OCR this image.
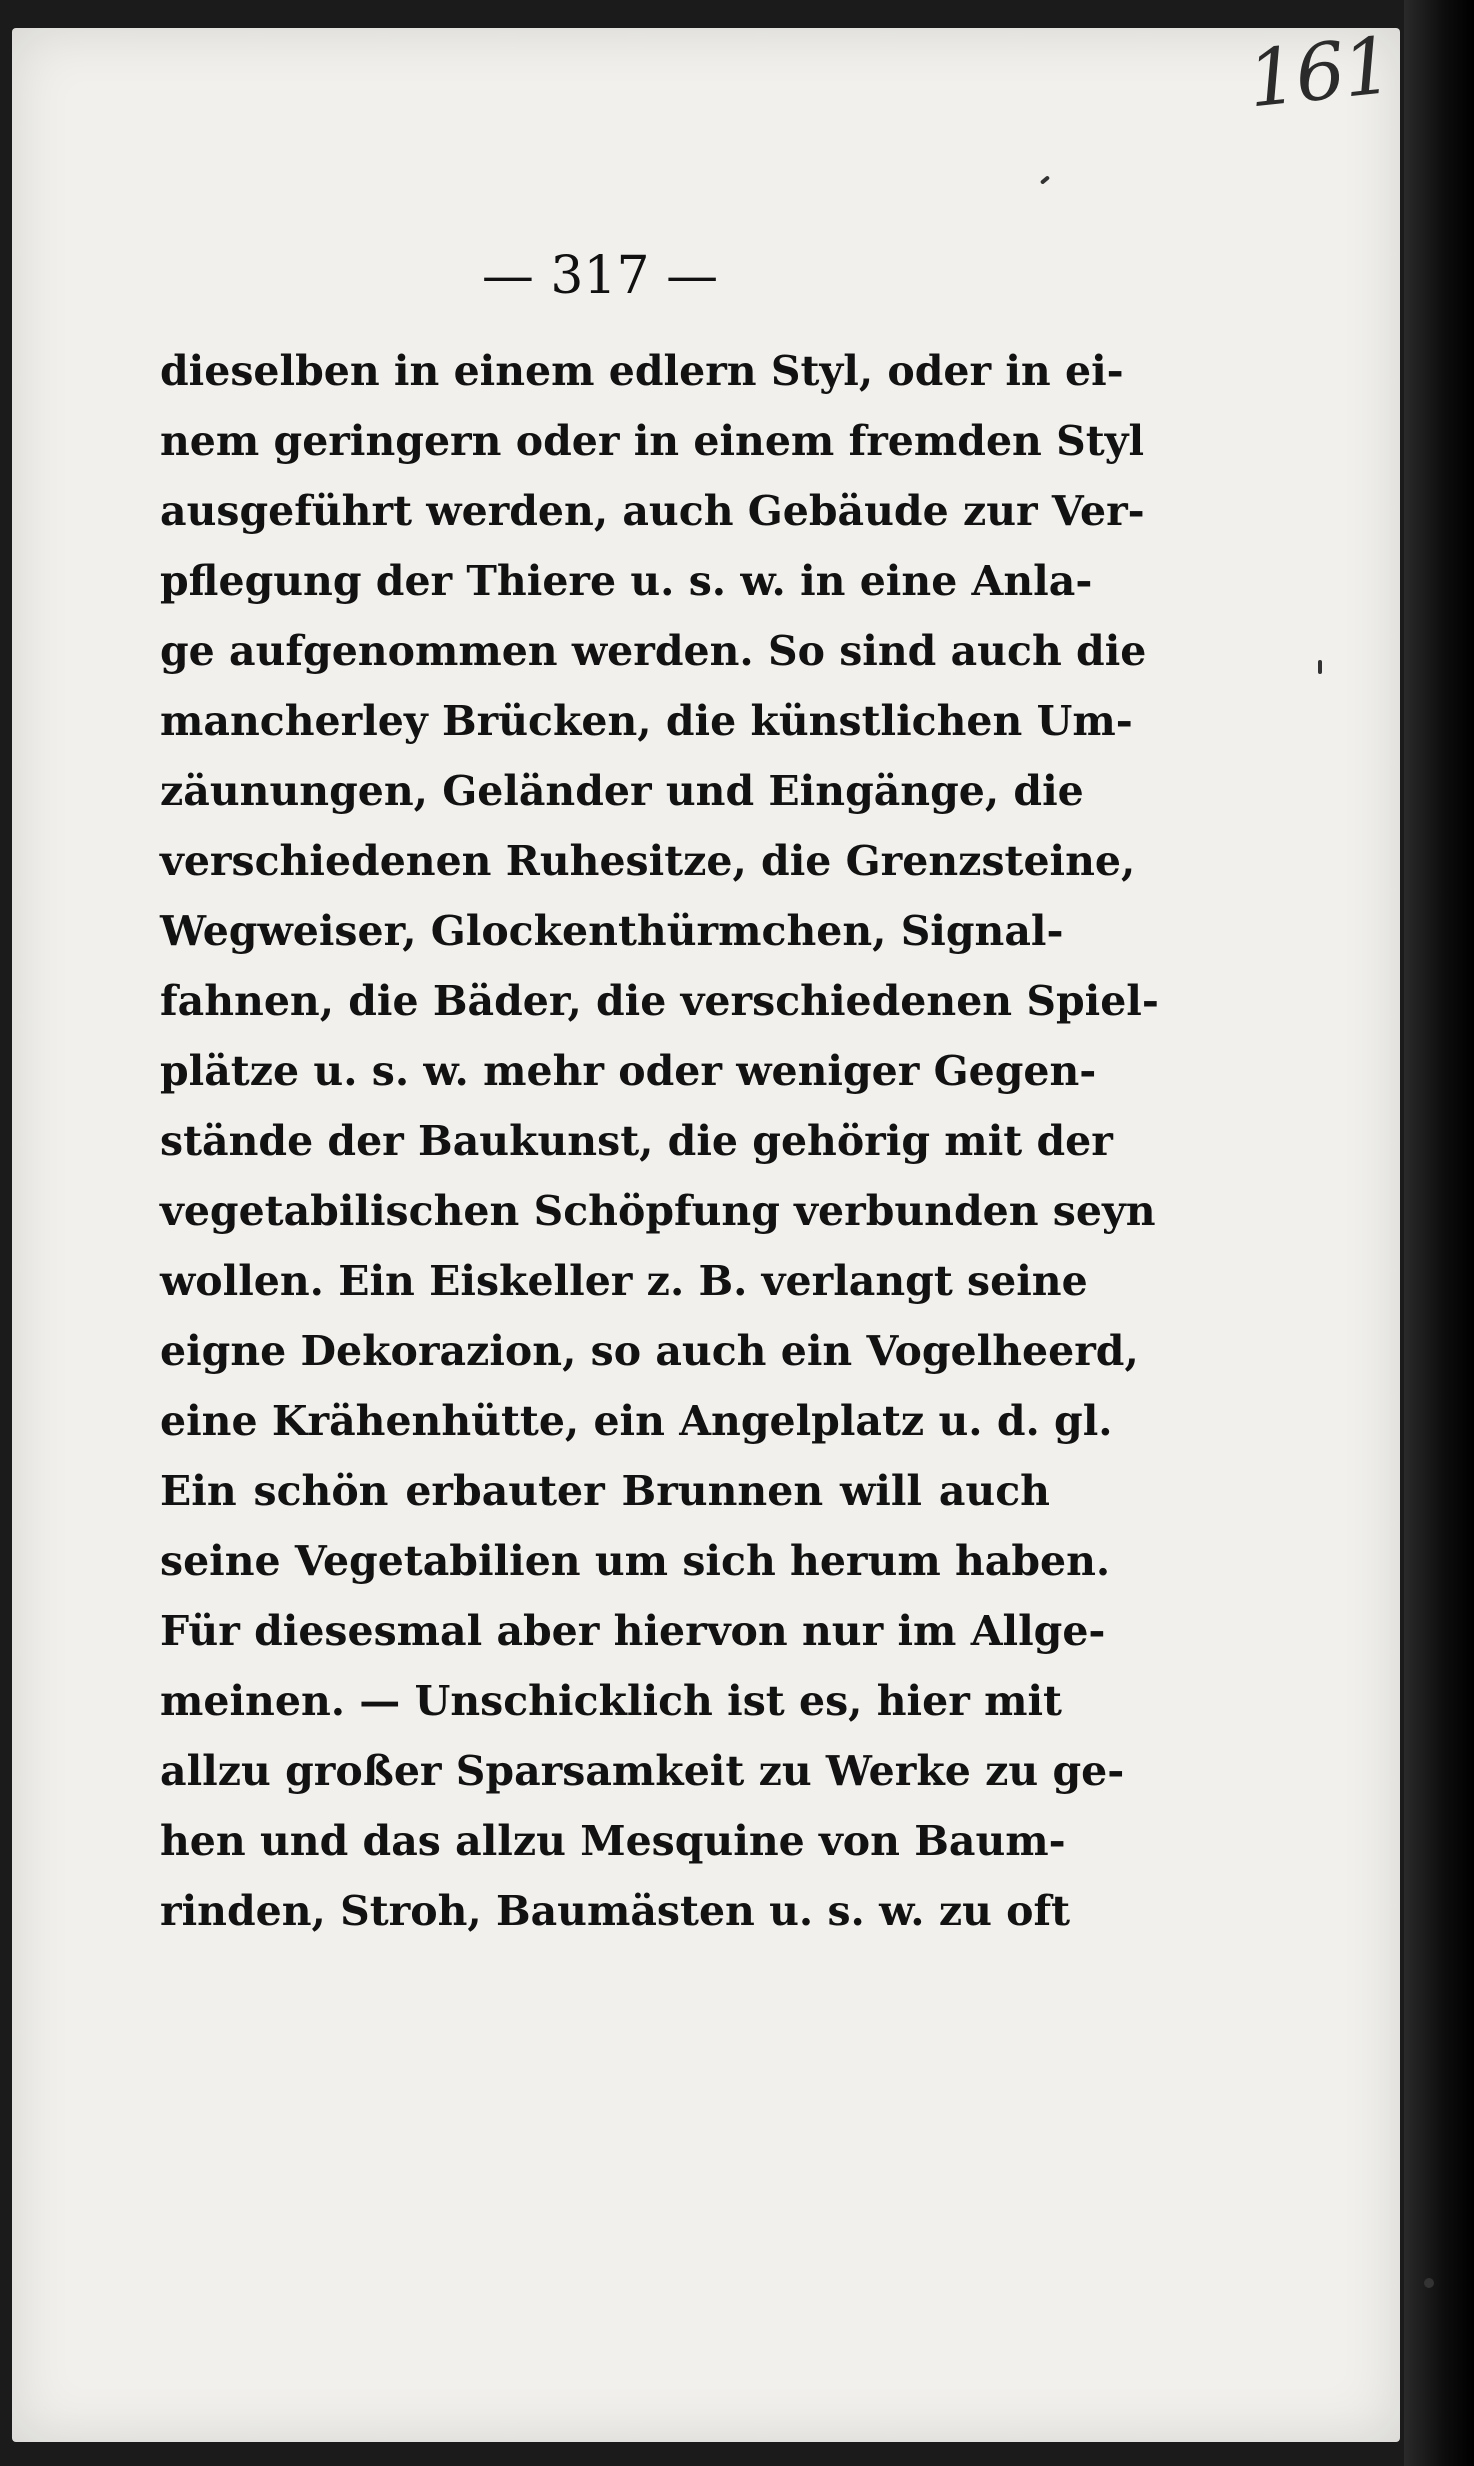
161
— 317 —
dieselben in einem edlern Styl, oder in ei-
nem geringern oder in einem fremden Styl
ausgeführt werden, auch Gebäude zur Ver-
pflegung der Thiere u. s. w. in eine Anla-
ge aufgenommen werden. So sind auch die
mancherley Brücken, die künstlichen Um-
zäunungen, Geländer und Eingänge, die
verschiedenen Ruhesitze, die Grenzsteine,
Wegweiser, Glockenthürmchen, Signal-
fahnen, die Bäder, die verschiedenen Spiel-
plätze u. s. w. mehr oder weniger Gegen-
stände der Baukunst, die gehörig mit der
vegetabilischen Schöpfung verbunden seyn
wollen. Ein Eiskeller z. B. verlangt seine
eigne Dekorazion, so auch ein Vogelheerd,
eine Krähenhütte, ein Angelplatz u. d. gl.
Ein schön erbauter Brunnen will auch
seine Vegetabilien um sich herum haben.
Für diesesmal aber hiervon nur im Allge-
meinen. — Unschicklich ist es, hier mit
allzu großer Sparsamkeit zu Werke zu ge-
hen und das allzu Mesquine von Baum-
rinden, Stroh, Baumästen u. s. w. zu oft
